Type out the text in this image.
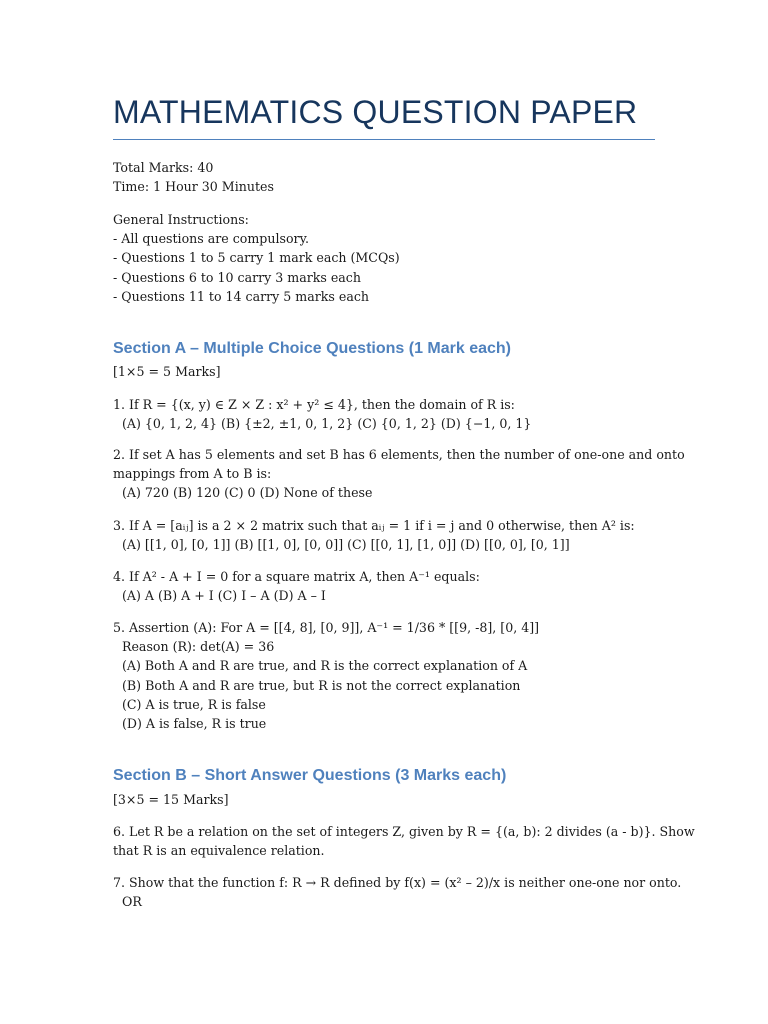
MATHEMATICS QUESTION PAPER
Total Marks: 40
Time: 1 Hour 30 Minutes
General Instructions:
- All questions are compulsory.
- Questions 1 to 5 carry 1 mark each (MCQs)
- Questions 6 to 10 carry 3 marks each
- Questions 11 to 14 carry 5 marks each
Section A – Multiple Choice Questions (1 Mark each)
[1×5 = 5 Marks]
1. If R = {(x, y) ∈ Z × Z : x² + y² ≤ 4}, then the domain of R is:
(A) {0, 1, 2, 4} (B) {±2, ±1, 0, 1, 2} (C) {0, 1, 2} (D) {−1, 0, 1}
2. If set A has 5 elements and set B has 6 elements, then the number of one-one and onto
mappings from A to B is:
(A) 720 (B) 120 (C) 0 (D) None of these
3. If A = [aᵢⱼ] is a 2 × 2 matrix such that aᵢⱼ = 1 if i = j and 0 otherwise, then A² is:
(A) [[1, 0], [0, 1]] (B) [[1, 0], [0, 0]] (C) [[0, 1], [1, 0]] (D) [[0, 0], [0, 1]]
4. If A² - A + I = 0 for a square matrix A, then A⁻¹ equals:
(A) A (B) A + I (C) I – A (D) A – I
5. Assertion (A): For A = [[4, 8], [0, 9]], A⁻¹ = 1/36 * [[9, -8], [0, 4]]
Reason (R): det(A) = 36
(A) Both A and R are true, and R is the correct explanation of A
(B) Both A and R are true, but R is not the correct explanation
(C) A is true, R is false
(D) A is false, R is true
Section B – Short Answer Questions (3 Marks each)
[3×5 = 15 Marks]
6. Let R be a relation on the set of integers Z, given by R = {(a, b): 2 divides (a - b)}. Show
that R is an equivalence relation.
7. Show that the function f: R → R defined by f(x) = (x² – 2)/x is neither one-one nor onto.
OR
